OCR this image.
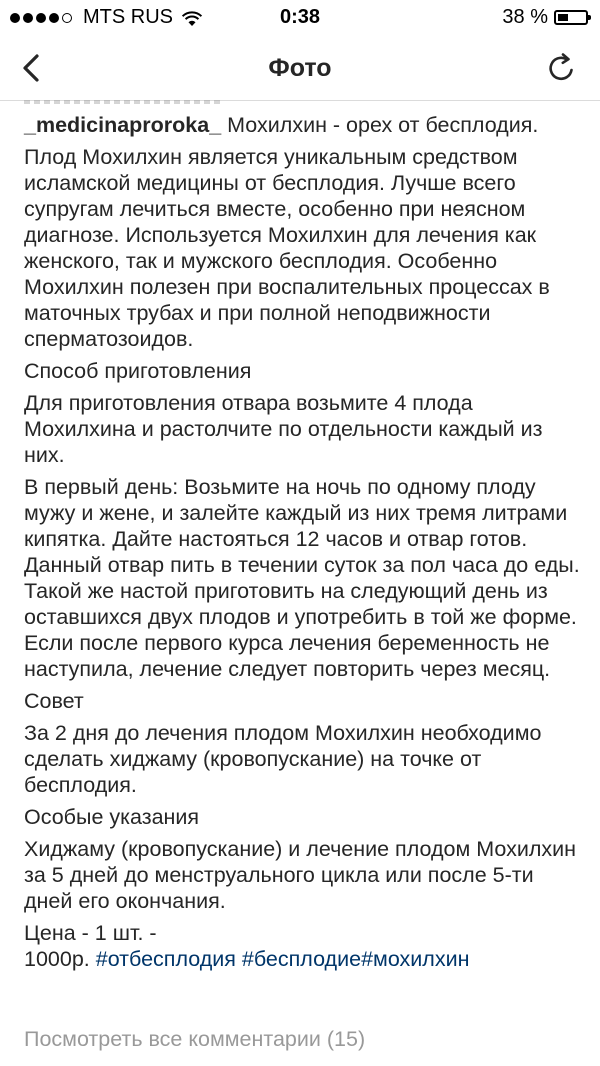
MTS RUS	0:38	38 %
Фото

_medicinaproroka_ Мохилхин - орех от бесплодия.

Плод Мохилхин является уникальным средством исламской медицины от бесплодия. Лучше всего супругам лечиться вместе, особенно при неясном диагнозе. Используется Мохилхин для лечения как женского, так и мужского бесплодия. Особенно Мохилхин полезен при воспалительных процессах в маточных трубах и при полной неподвижности сперматозоидов.

Способ приготовления

Для приготовления отвара возьмите 4 плода Мохилхина и растолчите по отдельности каждый из них.

В первый день: Возьмите на ночь по одному плоду мужу и жене, и залейте каждый из них тремя литрами кипятка. Дайте настояться 12 часов и отвар готов. Данный отвар пить в течении суток за пол часа до еды. Такой же настой приготовить на следующий день из оставшихся двух плодов и употребить в той же форме. Если после первого курса лечения беременность не наступила, лечение следует повторить через месяц.

Совет

За 2 дня до лечения плодом Мохилхин необходимо сделать хиджаму (кровопускание) на точке от бесплодия.

Особые указания

Хиджаму (кровопускание) и лечение плодом Мохилхин за 5 дней до менструального цикла или после 5-ти дней его окончания.

Цена - 1 шт. -
1000р. #отбесплодия #бесплодие#мохилхин

Посмотреть все комментарии (15)
